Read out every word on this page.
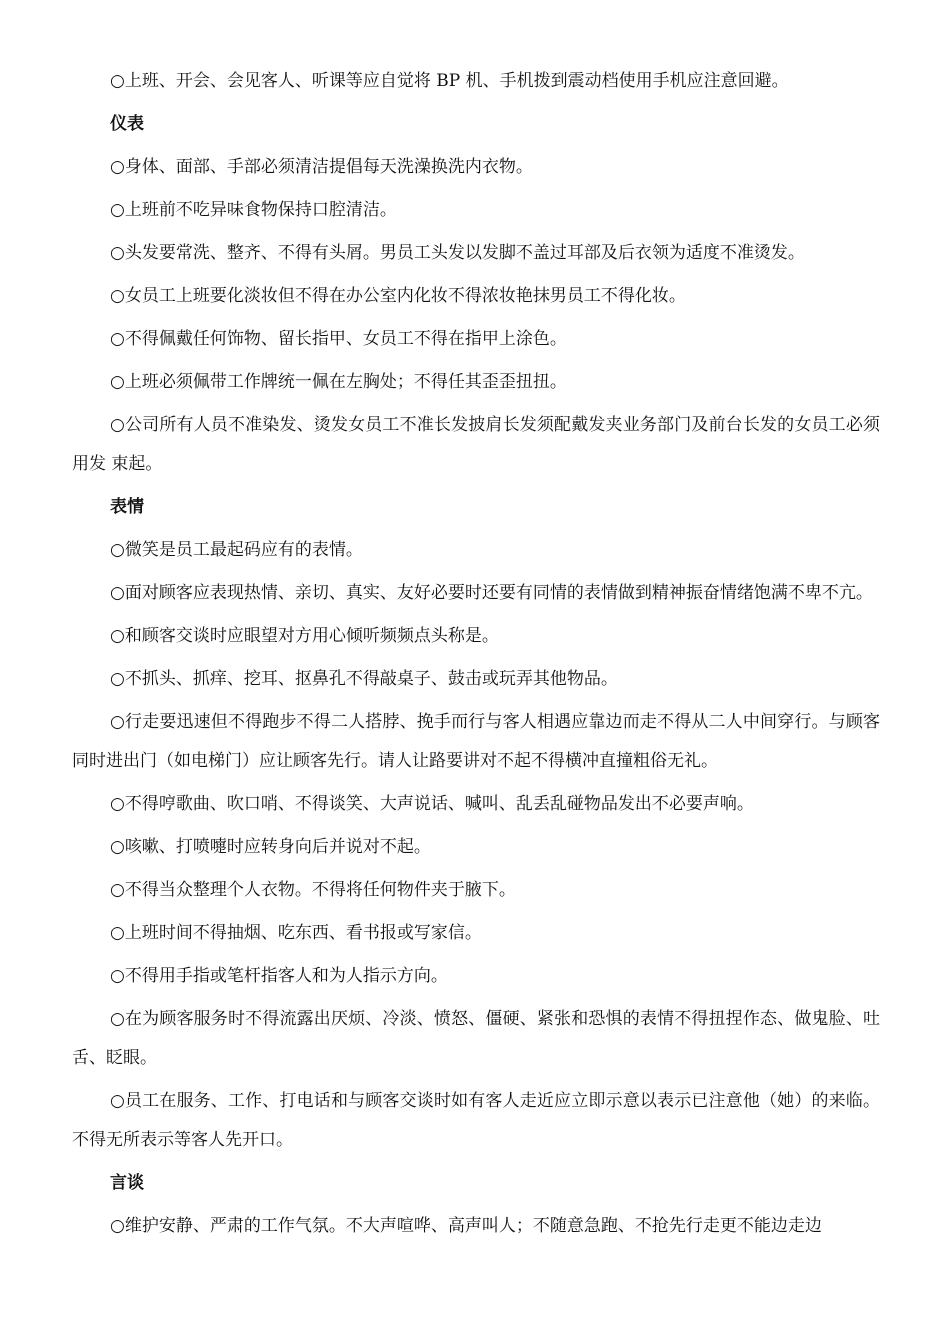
○上班、开会、会见客人、听课等应自觉将 BP 机、手机拨到震动档使用手机应注意回避。

仪表

○身体、面部、手部必须清洁提倡每天洗澡换洗内衣物。

○上班前不吃异味食物保持口腔清洁。

○头发要常洗、整齐、不得有头屑。男员工头发以发脚不盖过耳部及后衣领为适度不准烫发。

○女员工上班要化淡妆但不得在办公室内化妆不得浓妆艳抹男员工不得化妆。

○不得佩戴任何饰物、留长指甲、女员工不得在指甲上涂色。

○上班必须佩带工作牌统一佩在左胸处；不得任其歪歪扭扭。

○公司所有人员不准染发、烫发女员工不准长发披肩长发须配戴发夹业务部门及前台长发的女员工必须用发 束起。

表情

○微笑是员工最起码应有的表情。

○面对顾客应表现热情、亲切、真实、友好必要时还要有同情的表情做到精神振奋情绪饱满不卑不亢。

○和顾客交谈时应眼望对方用心倾听频频点头称是。

○不抓头、抓痒、挖耳、抠鼻孔不得敲桌子、鼓击或玩弄其他物品。

○行走要迅速但不得跑步不得二人搭脖、挽手而行与客人相遇应靠边而走不得从二人中间穿行。与顾客同时进出门（如电梯门）应让顾客先行。请人让路要讲对不起不得横冲直撞粗俗无礼。

○不得哼歌曲、吹口哨、不得谈笑、大声说话、喊叫、乱丢乱碰物品发出不必要声响。

○咳嗽、打喷嚏时应转身向后并说对不起。

○不得当众整理个人衣物。不得将任何物件夹于腋下。

○上班时间不得抽烟、吃东西、看书报或写家信。

○不得用手指或笔杆指客人和为人指示方向。

○在为顾客服务时不得流露出厌烦、冷淡、愤怒、僵硬、紧张和恐惧的表情不得扭捏作态、做鬼脸、吐舌、眨眼。

○员工在服务、工作、打电话和与顾客交谈时如有客人走近应立即示意以表示已注意他（她）的来临。不得无所表示等客人先开口。

言谈

○维护安静、严肃的工作气氛。不大声喧哗、高声叫人；不随意急跑、不抢先行走更不能边走边
